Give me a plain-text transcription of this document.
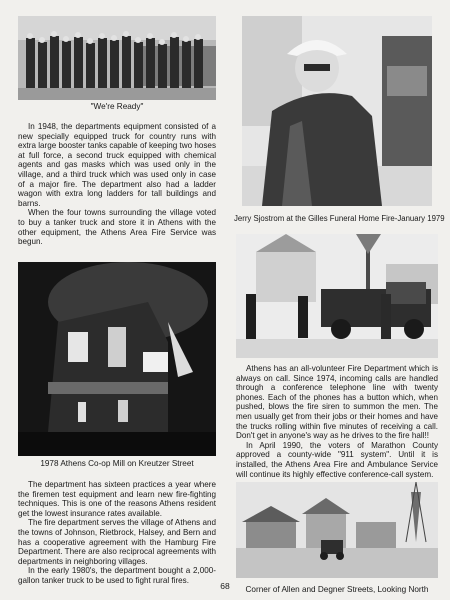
"We're Ready"

In 1948, the departments equipment consisted of a new specially equipped truck for country runs with extra large booster tanks capable of keeping two hoses at full force, a second truck equipped with chemical agents and gas masks which was used only in the village, and a third truck which was used only in case of a major fire. The department also had a ladder wagon with extra long ladders for tall buildings and barns.

When the four towns surrounding the village voted to buy a tanker truck and store it in Athens with the other equipment, the Athens Area Fire Service was begun.

Jerry Sjostrom at the Gilles Funeral Home Fire-January 1979
1978 Athens Co-op Mill on Kreutzer Street

The department has sixteen practices a year where the firemen test equipment and learn new fire-fighting techniques. This is one of the reasons Athens resident get the lowest insurance rates available.

The fire department serves the village of Athens and the towns of Johnson, Rietbrock, Halsey, and Bern and has a cooperative agreement with the Hamburg Fire Department. There are also reciprocal agreements with departments in neighboring villages.

In the early 1980's, the department bought a 2,000-gallon tanker truck to be used to fight rural fires.

Athens has an all-volunteer Fire Department which is always on call. Since 1974, incoming calls are handled through a conference telephone line with twenty phones. Each of the phones has a button which, when pushed, blows the fire siren to summon the men. The men usually get from their jobs or their homes and have the trucks rolling within five minutes of receiving a call. Don't get in anyone's way as he drives to the fire hall!!

In April 1990, the voters of Marathon County approved a county-wide "911 system". Until it is installed, the Athens Area Fire and Ambulance Service will continue its highly effective conference-call system.

Corner of Allen and Degner Streets, Looking North
68
